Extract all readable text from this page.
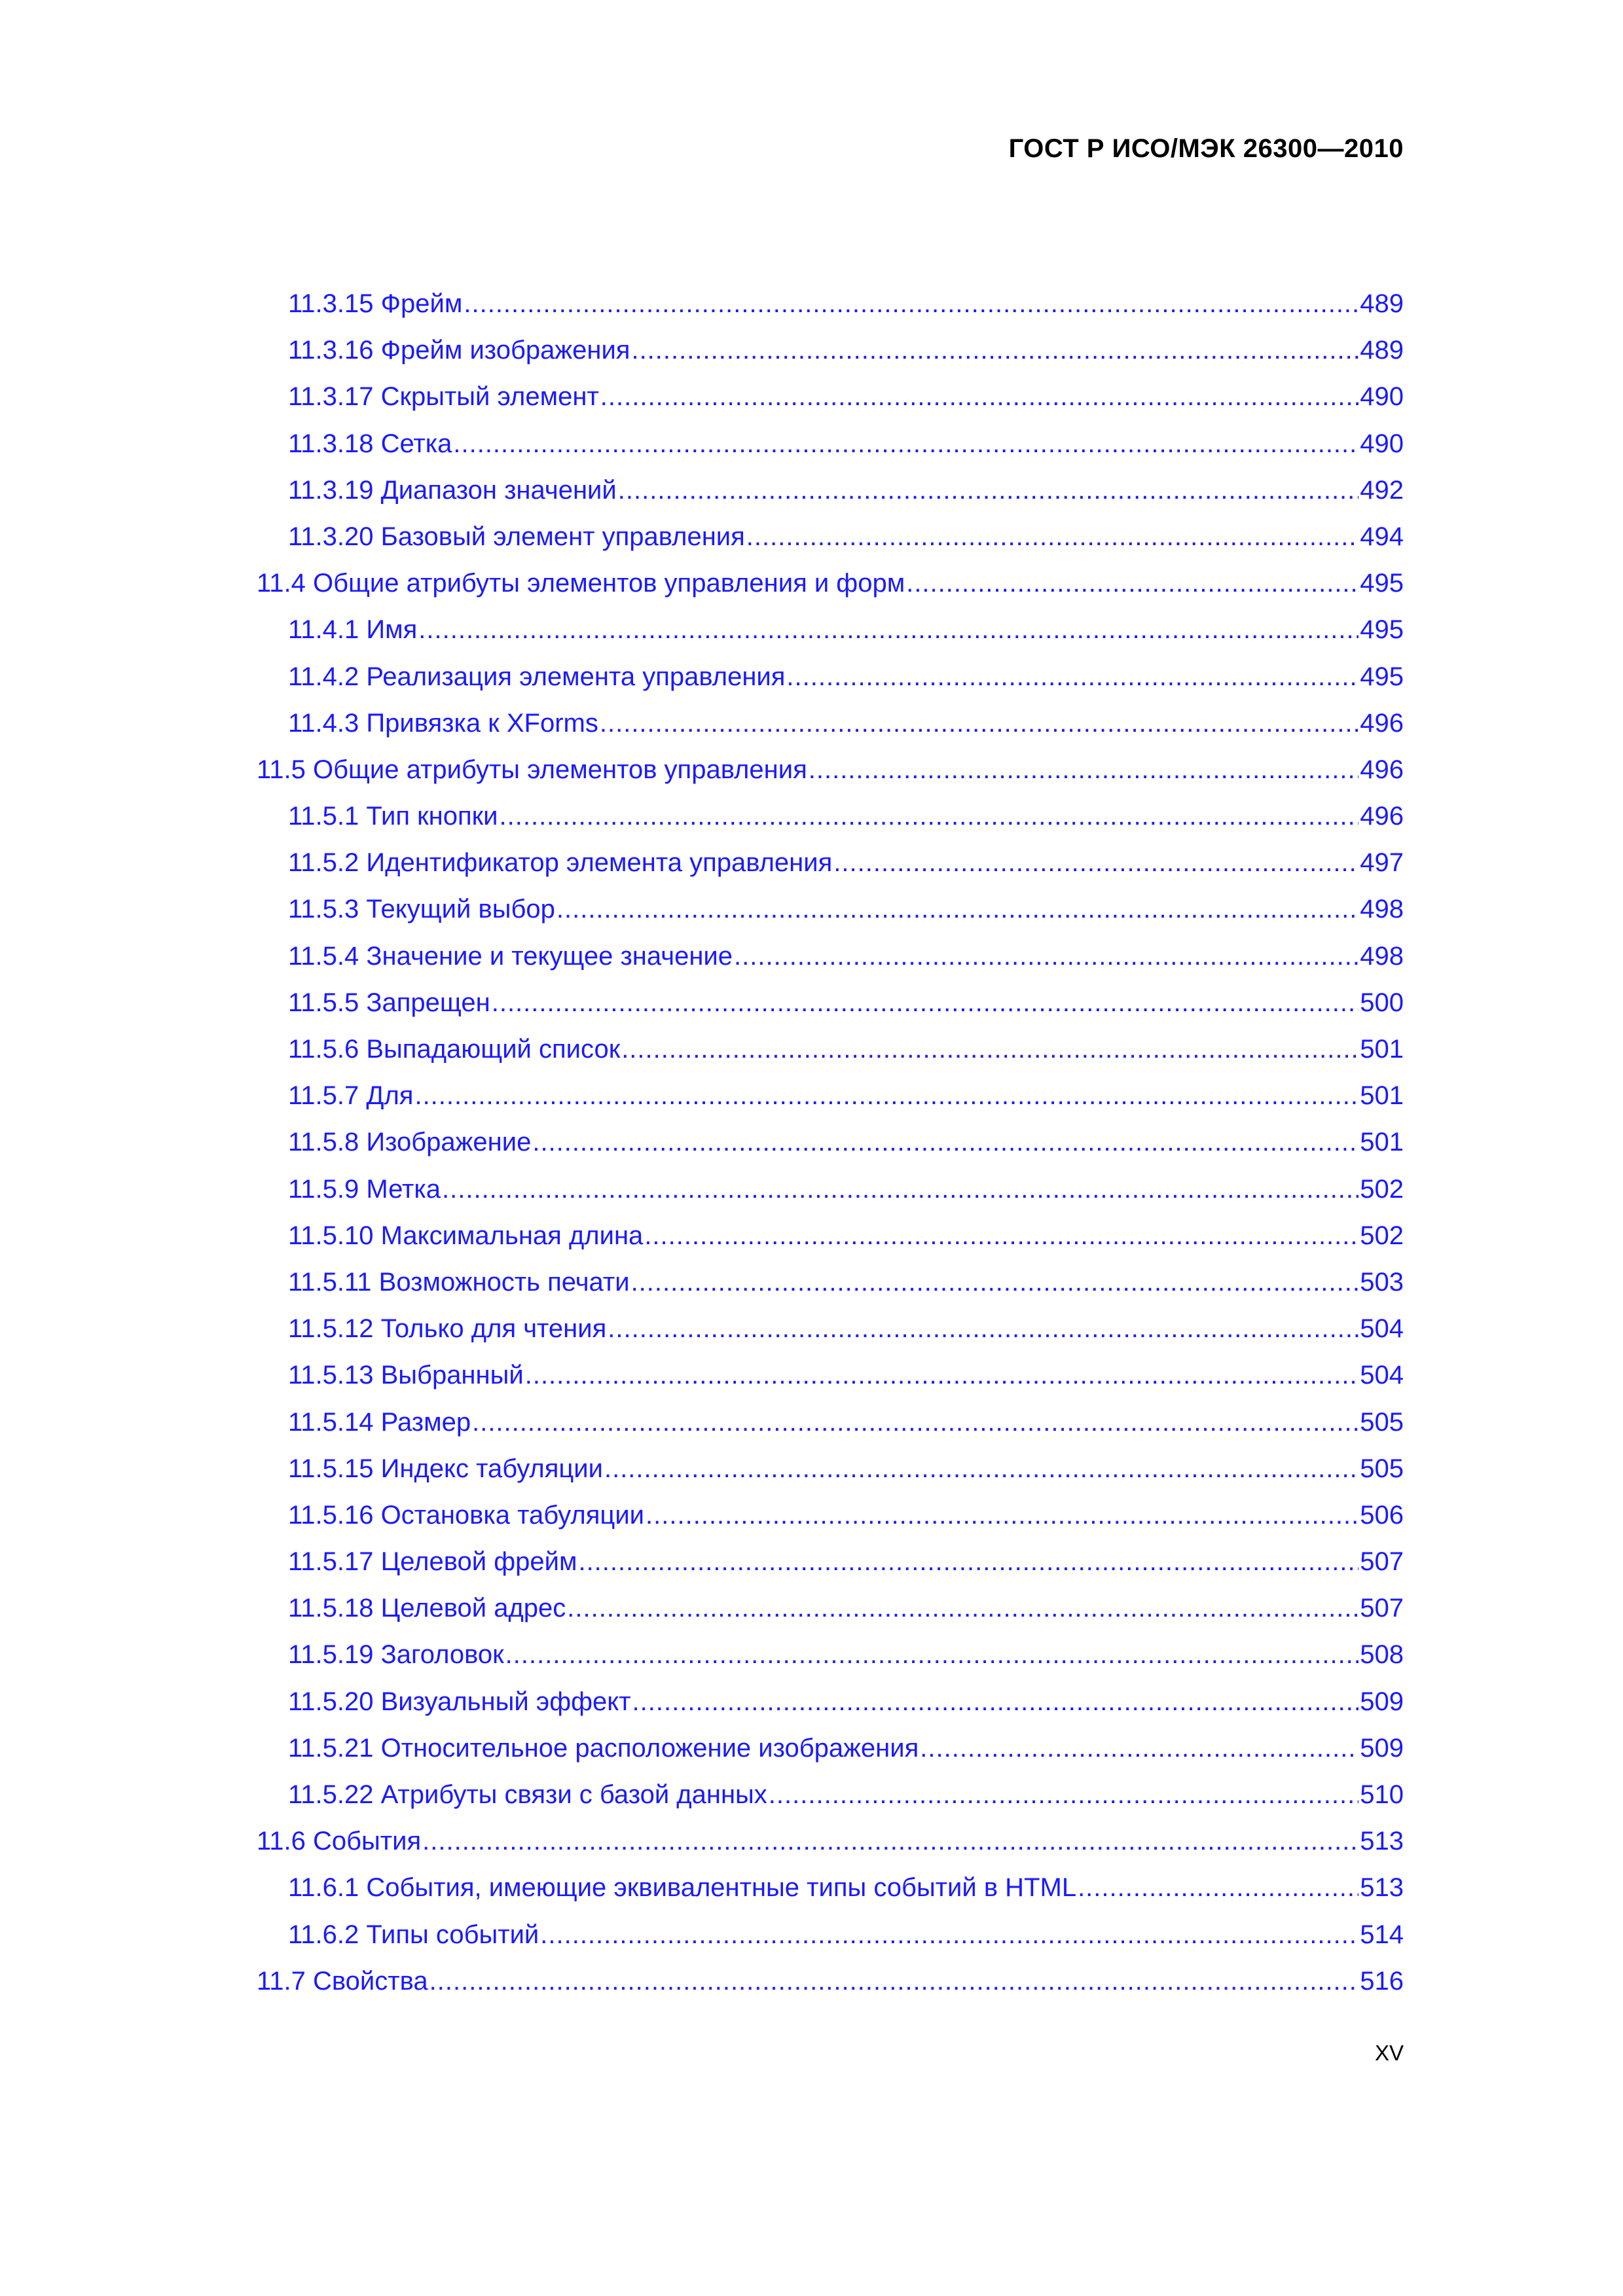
ГОСТ Р ИСО/МЭК 26300—2010
11.3.15 Фрейм .....	489
11.3.16 Фрейм изображения .....	489
11.3.17 Скрытый элемент .....	490
11.3.18 Сетка .....	490
11.3.19 Диапазон значений .....	492
11.3.20 Базовый элемент управления .....	494
11.4 Общие атрибуты элементов управления и форм .....	495
11.4.1 Имя .....	495
11.4.2 Реализация элемента управления .....	495
11.4.3 Привязка к XForms .....	496
11.5 Общие атрибуты элементов управления .....	496
11.5.1 Тип кнопки .....	496
11.5.2 Идентификатор элемента управления .....	497
11.5.3 Текущий выбор .....	498
11.5.4 Значение и текущее значение .....	498
11.5.5 Запрещен .....	500
11.5.6 Выпадающий список .....	501
11.5.7 Для .....	501
11.5.8 Изображение .....	501
11.5.9 Метка .....	502
11.5.10 Максимальная длина .....	502
11.5.11 Возможность печати .....	503
11.5.12 Только для чтения .....	504
11.5.13 Выбранный .....	504
11.5.14 Размер .....	505
11.5.15 Индекс табуляции .....	505
11.5.16 Остановка табуляции .....	506
11.5.17 Целевой фрейм .....	507
11.5.18 Целевой адрес .....	507
11.5.19 Заголовок .....	508
11.5.20 Визуальный эффект .....	509
11.5.21 Относительное расположение изображения .....	509
11.5.22 Атрибуты связи с базой данных .....	510
11.6 События .....	513
11.6.1 События, имеющие эквивалентные типы событий в HTML .....	513
11.6.2 Типы событий .....	514
11.7 Свойства .....	516
XV
